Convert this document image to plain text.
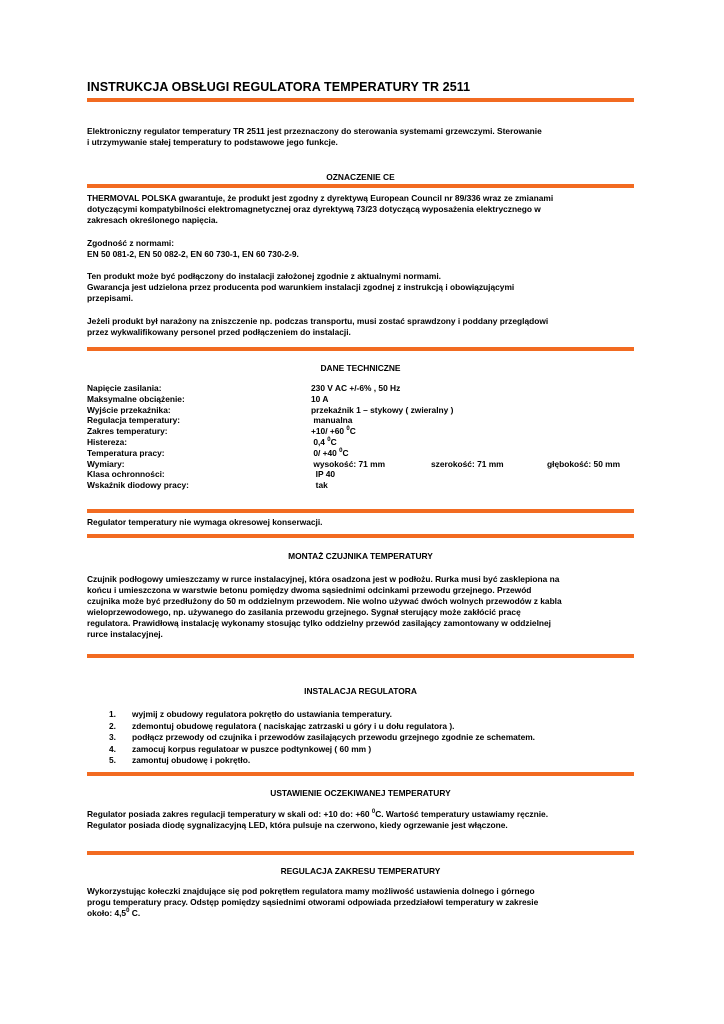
INSTRUKCJA OBSŁUGI REGULATORA TEMPERATURY TR 2511
Elektroniczny regulator temperatury TR 2511 jest przeznaczony do sterowania systemami grzewczymi. Sterowanie
i utrzymywanie stałej temperatury to podstawowe jego funkcje.
OZNACZENIE CE
THERMOVAL POLSKA gwarantuje, że produkt jest zgodny z dyrektywą European Council nr 89/336 wraz ze zmianami
dotyczącymi kompatybilności elektromagnetycznej oraz dyrektywą 73/23 dotyczącą wyposażenia elektrycznego w
zakresach określonego napięcia.
Zgodność z normami:
EN 50 081-2, EN 50 082-2, EN 60 730-1, EN 60 730-2-9.
Ten produkt może być podłączony do instalacji założonej zgodnie z aktualnymi normami.
Gwarancja jest udzielona przez producenta pod warunkiem instalacji zgodnej z instrukcją i obowiązującymi
przepisami.
Jeżeli produkt był narażony na zniszczenie np. podczas transportu, musi zostać sprawdzony i poddany przeglądowi
przez wykwalifikowany personel przed podłączeniem do instalacji.
DANE TECHNICZNE
Napięcie zasilania:	230 V AC +/-6% , 50 Hz
Maksymalne obciążenie:	10 A
Wyjście przekaźnika:	przekaźnik 1 – stykowy ( zwieralny )
Regulacja temperatury:	manualna
Zakres temperatury:	+10/ +60 $^0$C
Histereza:	0,4 $^0$C
Temperatura pracy:	0/ +40 $^0$C
Wymiary:	wysokość: 71 mm	szerokość: 71 mm	głębokość: 50 mm
Klasa ochronności:	IP 40
Wskaźnik diodowy pracy:	tak
Regulator temperatury nie wymaga okresowej konserwacji.
MONTAŻ CZUJNIKA TEMPERATURY
Czujnik podłogowy umieszczamy w rurce instalacyjnej, która osadzona jest w podłożu. Rurka musi być zasklepiona na
końcu i umieszczona w warstwie betonu pomiędzy dwoma sąsiednimi odcinkami przewodu grzejnego. Przewód
czujnika może być przedłużony do 50 m oddzielnym przewodem. Nie wolno używać dwóch wolnych przewodów z kabla
wieloprzewodowego, np. używanego do zasilania przewodu grzejnego. Sygnał sterujący może zakłócić pracę
regulatora. Prawidłową instalację wykonamy stosując tylko oddzielny przewód zasilający zamontowany w oddzielnej
rurce instalacyjnej.
INSTALACJA REGULATORA
1. wyjmij z obudowy regulatora pokrętło do ustawiania temperatury.
2. zdemontuj obudowę regulatora ( naciskając zatrzaski u góry i u dołu regulatora ).
3. podłącz przewody od czujnika i przewodów zasilających przewodu grzejnego zgodnie ze schematem.
4. zamocuj korpus regulatoar w puszce podtynkowej ( 60 mm )
5. zamontuj obudowę i pokrętło.
USTAWIENIE OCZEKIWANEJ TEMPERATURY
Regulator posiada zakres regulacji temperatury w skali od: +10 do: +60 $^0$C. Wartość temperatury ustawiamy ręcznie.
Regulator posiada diodę sygnalizacyjną LED, która pulsuje na czerwono, kiedy ogrzewanie jest włączone.
REGULACJA ZAKRESU TEMPERATURY
Wykorzystując kołeczki znajdujące się pod pokrętłem regulatora mamy możliwość ustawienia dolnego i górnego
progu temperatury pracy. Odstęp pomiędzy sąsiednimi otworami odpowiada przedziałowi temperatury w zakresie
około: $4,5^0$ C.
